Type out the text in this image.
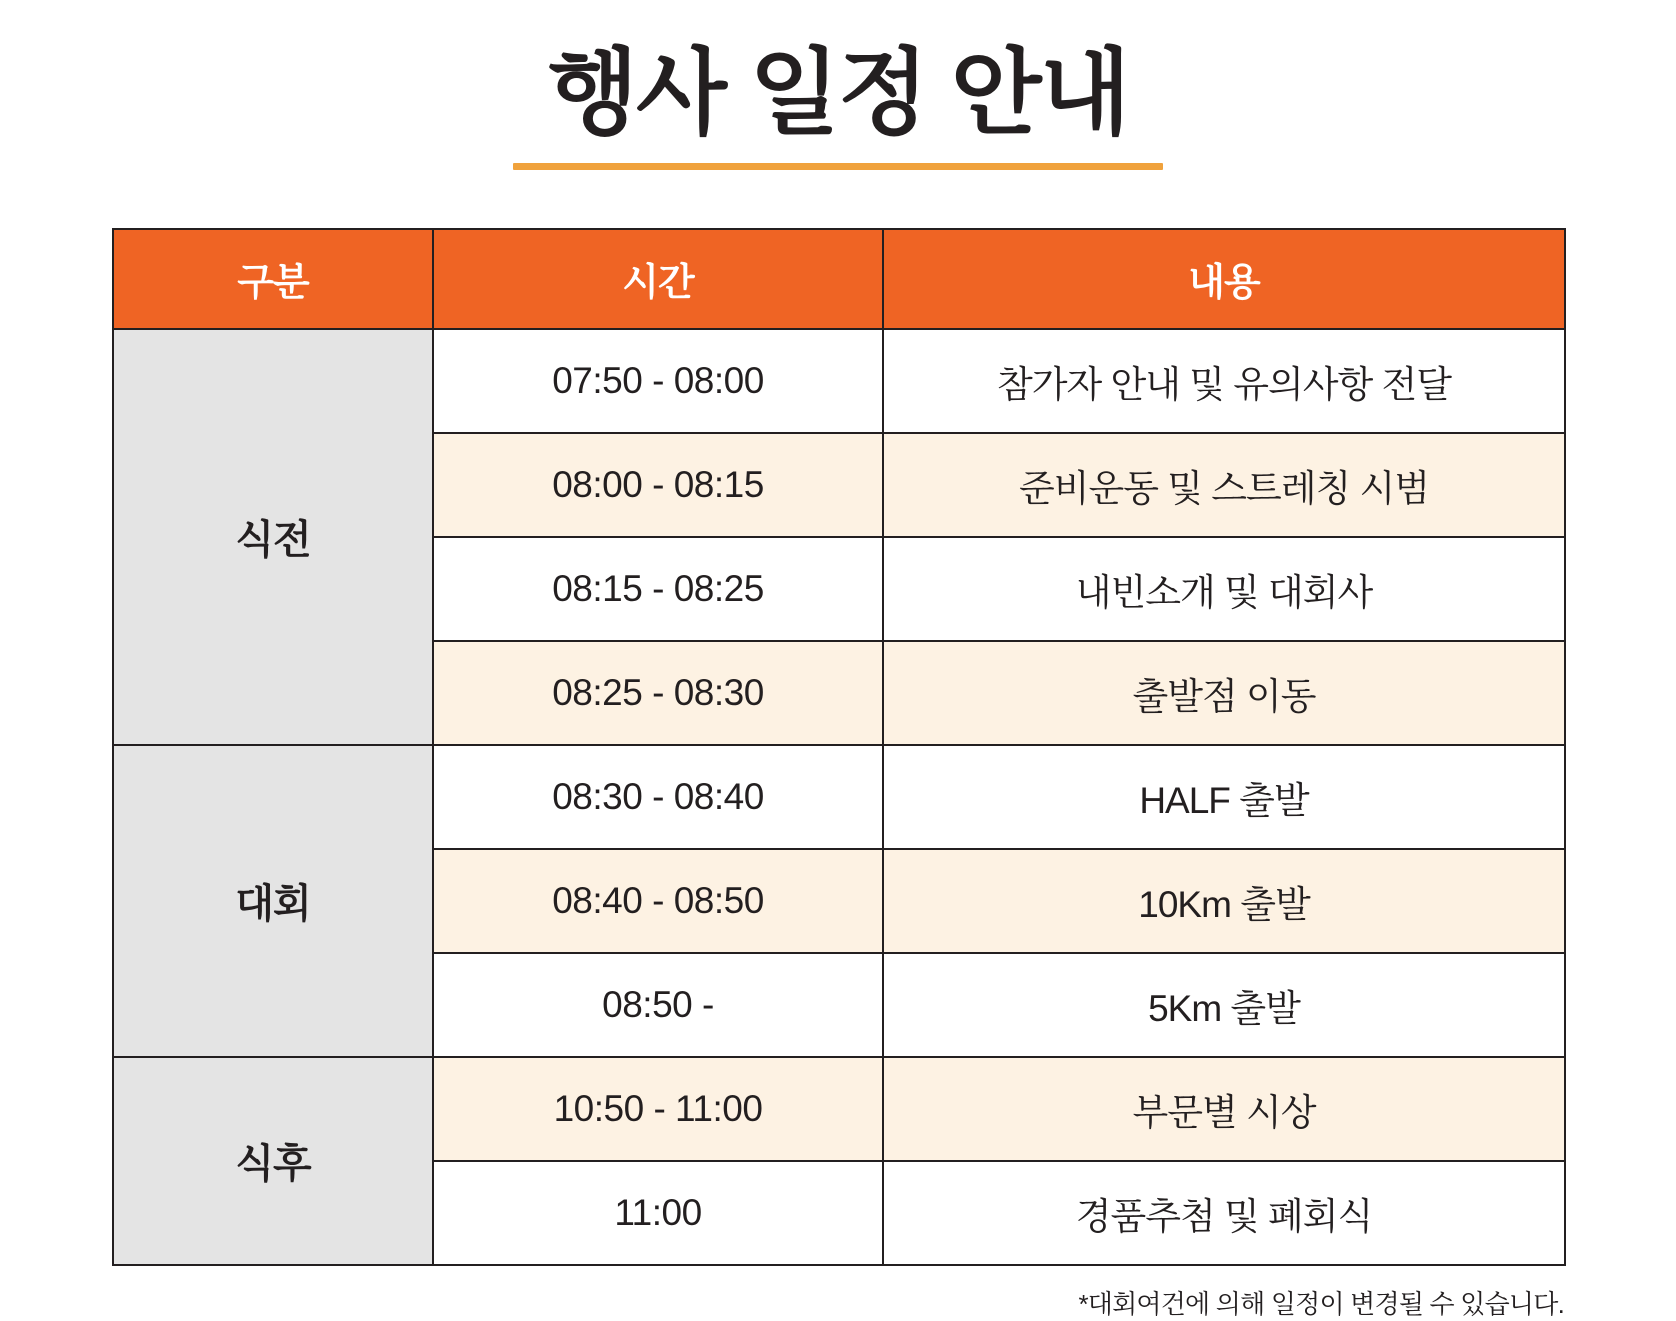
행사 일정 안내
구분	시간	내용
식전	07:50 - 08:00	참가자 안내 및 유의사항 전달
	08:00 - 08:15	준비운동 및 스트레칭 시범
	08:15 - 08:25	내빈소개 및 대회사
	08:25 - 08:30	출발점 이동
대회	08:30 - 08:40	HALF 출발
	08:40 - 08:50	10Km 출발
	08:50 -	5Km 출발
식후	10:50 - 11:00	부문별 시상
	11:00	경품추첨 및 폐회식
*대회여건에 의해 일정이 변경될 수 있습니다.
